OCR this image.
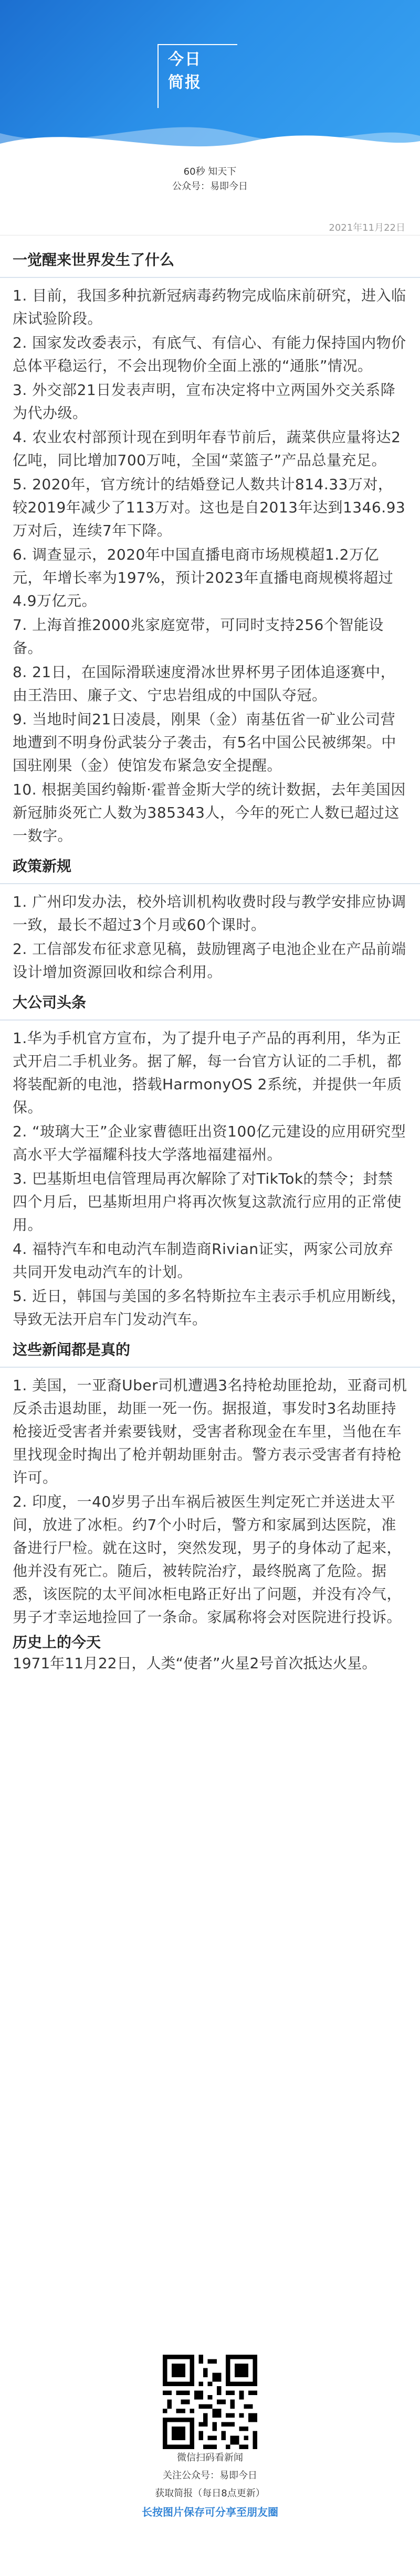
今日
简报
60秒 知天下
公众号：易即今日
2021年11月22日
一觉醒来世界发生了什么

1. 目前，我国多种抗新冠病毒药物完成临床前研究，进入临床试验阶段。

2. 国家发改委表示，有底气、有信心、有能力保持国内物价总体平稳运行，不会出现物价全面上涨的“通胀”情况。

3. 外交部21日发表声明，宣布决定将中立两国外交关系降为代办级。

4. 农业农村部预计现在到明年春节前后，蔬菜供应量将达2亿吨，同比增加700万吨，全国“菜篮子”产品总量充足。

5. 2020年，官方统计的结婚登记人数共计814.33万对，较2019年减少了113万对。这也是自2013年达到1346.93万对后，连续7年下降。

6. 调查显示，2020年中国直播电商市场规模超1.2万亿元，年增长率为197%，预计2023年直播电商规模将超过4.9万亿元。

7. 上海首推2000兆家庭宽带，可同时支持256个智能设备。

8. 21日，在国际滑联速度滑冰世界杯男子团体追逐赛中，由王浩田、廉子文、宁忠岩组成的中国队夺冠。

9. 当地时间21日凌晨，刚果（金）南基伍省一矿业公司营地遭到不明身份武装分子袭击，有5名中国公民被绑架。中国驻刚果（金）使馆发布紧急安全提醒。

10. 根据美国约翰斯·霍普金斯大学的统计数据，去年美国因新冠肺炎死亡人数为385343人，今年的死亡人数已超过这一数字。

政策新规

1. 广州印发办法，校外培训机构收费时段与教学安排应协调一致，最长不超过3个月或60个课时。

2. 工信部发布征求意见稿，鼓励锂离子电池企业在产品前端设计增加资源回收和综合利用。

大公司头条

1.华为手机官方宣布，为了提升电子产品的再利用，华为正式开启二手机业务。据了解，每一台官方认证的二手机，都将装配新的电池，搭载HarmonyOS 2系统，并提供一年质保。

2. “玻璃大王”企业家曹德旺出资100亿元建设的应用研究型高水平大学福耀科技大学落地福建福州。

3. 巴基斯坦电信管理局再次解除了对TikTok的禁令；封禁四个月后，巴基斯坦用户将再次恢复这款流行应用的正常使用。

4. 福特汽车和电动汽车制造商Rivian证实，两家公司放弃共同开发电动汽车的计划。

5. 近日，韩国与美国的多名特斯拉车主表示手机应用断线，导致无法开启车门发动汽车。

这些新闻都是真的

1. 美国，一亚裔Uber司机遭遇3名持枪劫匪抢劫，亚裔司机反杀击退劫匪，劫匪一死一伤。据报道，事发时3名劫匪持枪接近受害者并索要钱财，受害者称现金在车里，当他在车里找现金时掏出了枪并朝劫匪射击。警方表示受害者有持枪许可。

2. 印度，一40岁男子出车祸后被医生判定死亡并送进太平间，放进了冰柜。约7个小时后，警方和家属到达医院，准备进行尸检。就在这时，突然发现，男子的身体动了起来，他并没有死亡。随后，被转院治疗，最终脱离了危险。据悉，该医院的太平间冰柜电路正好出了问题，并没有冷气，男子才幸运地捡回了一条命。家属称将会对医院进行投诉。

历史上的今天
1971年11月22日，人类“使者”火星2号首次抵达火星。
微信扫码看新闻
关注公众号：易即今日
获取简报（每日8点更新）
长按图片保存可分享至朋友圈
